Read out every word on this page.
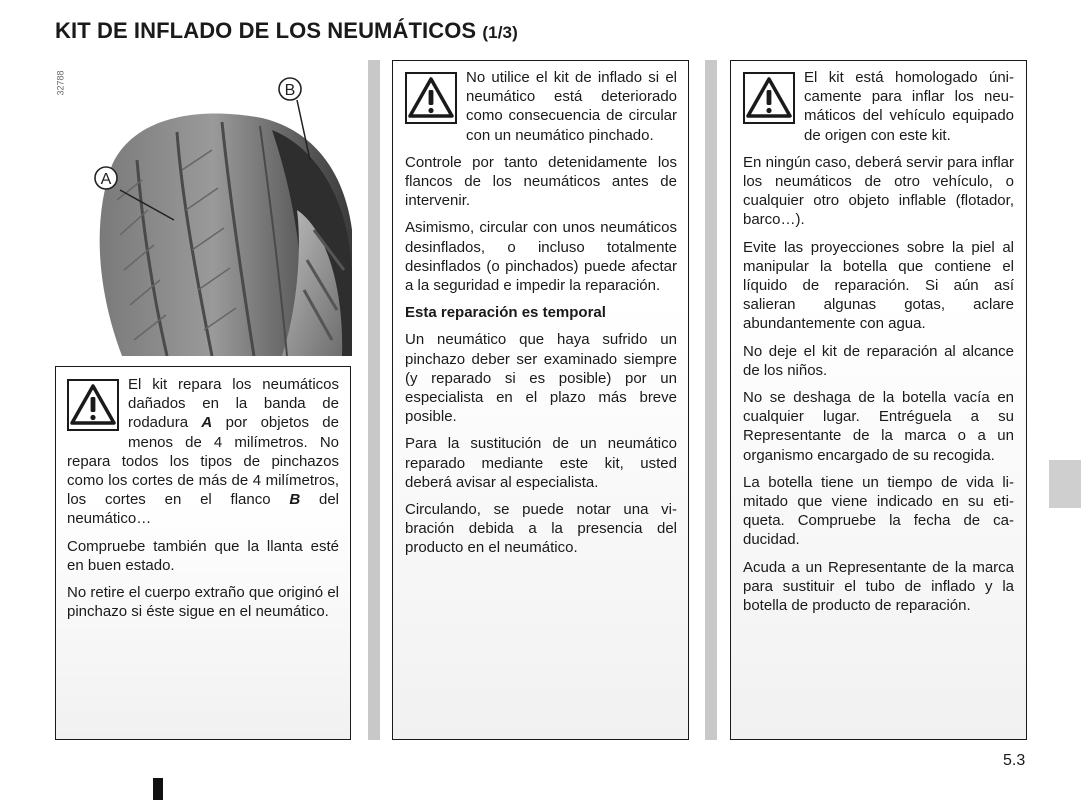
KIT DE INFLADO DE LOS NEUMÁTICOS (1/3)
32788
A
B

El kit repara los neumáticos dañados en la banda de rodadura A por objetos de menos de 4 milímetros. No repara todos los tipos de pinchazos como los cortes de más de 4 milímetros, los cortes en el flanco B del neumático…

Compruebe también que la llanta esté en buen estado.

No retire el cuerpo extraño que originó el pinchazo si éste sigue en el neumático.

No utilice el kit de inflado si el neumático está deteriorado como consecuencia de circular con un neumático pinchado.

Controle por tanto detenidamente los flancos de los neumáticos antes de intervenir.

Asimismo, circular con unos neumáticos desinflados, o incluso totalmente desinflados (o pinchados) puede afectar a la seguridad e impedir la reparación.

Esta reparación es temporal

Un neumático que haya sufrido un pinchazo deber ser examinado siempre (y reparado si es posible) por un especialista en el plazo más breve posible.

Para la sustitución de un neumático reparado mediante este kit, usted deberá avisar al especialista.

Circulando, se puede notar una vibración debida a la presencia del producto en el neumático.

El kit está homologado únicamente para inflar los neumáticos del vehículo equipado de origen con este kit.

En ningún caso, deberá servir para inflar los neumáticos de otro vehículo, o cualquier otro objeto inflable (flotador, barco…).

Evite las proyecciones sobre la piel al manipular la botella que contiene el líquido de reparación. Si aún así salieran algunas gotas, aclare abundantemente con agua.

No deje el kit de reparación al alcance de los niños.

No se deshaga de la botella vacía en cualquier lugar. Entréguela a su Representante de la marca o a un organismo encargado de su recogida.

La botella tiene un tiempo de vida limitado que viene indicado en su etiqueta. Compruebe la fecha de caducidad.

Acuda a un Representante de la marca para sustituir el tubo de inflado y la botella de producto de reparación.

5.3
